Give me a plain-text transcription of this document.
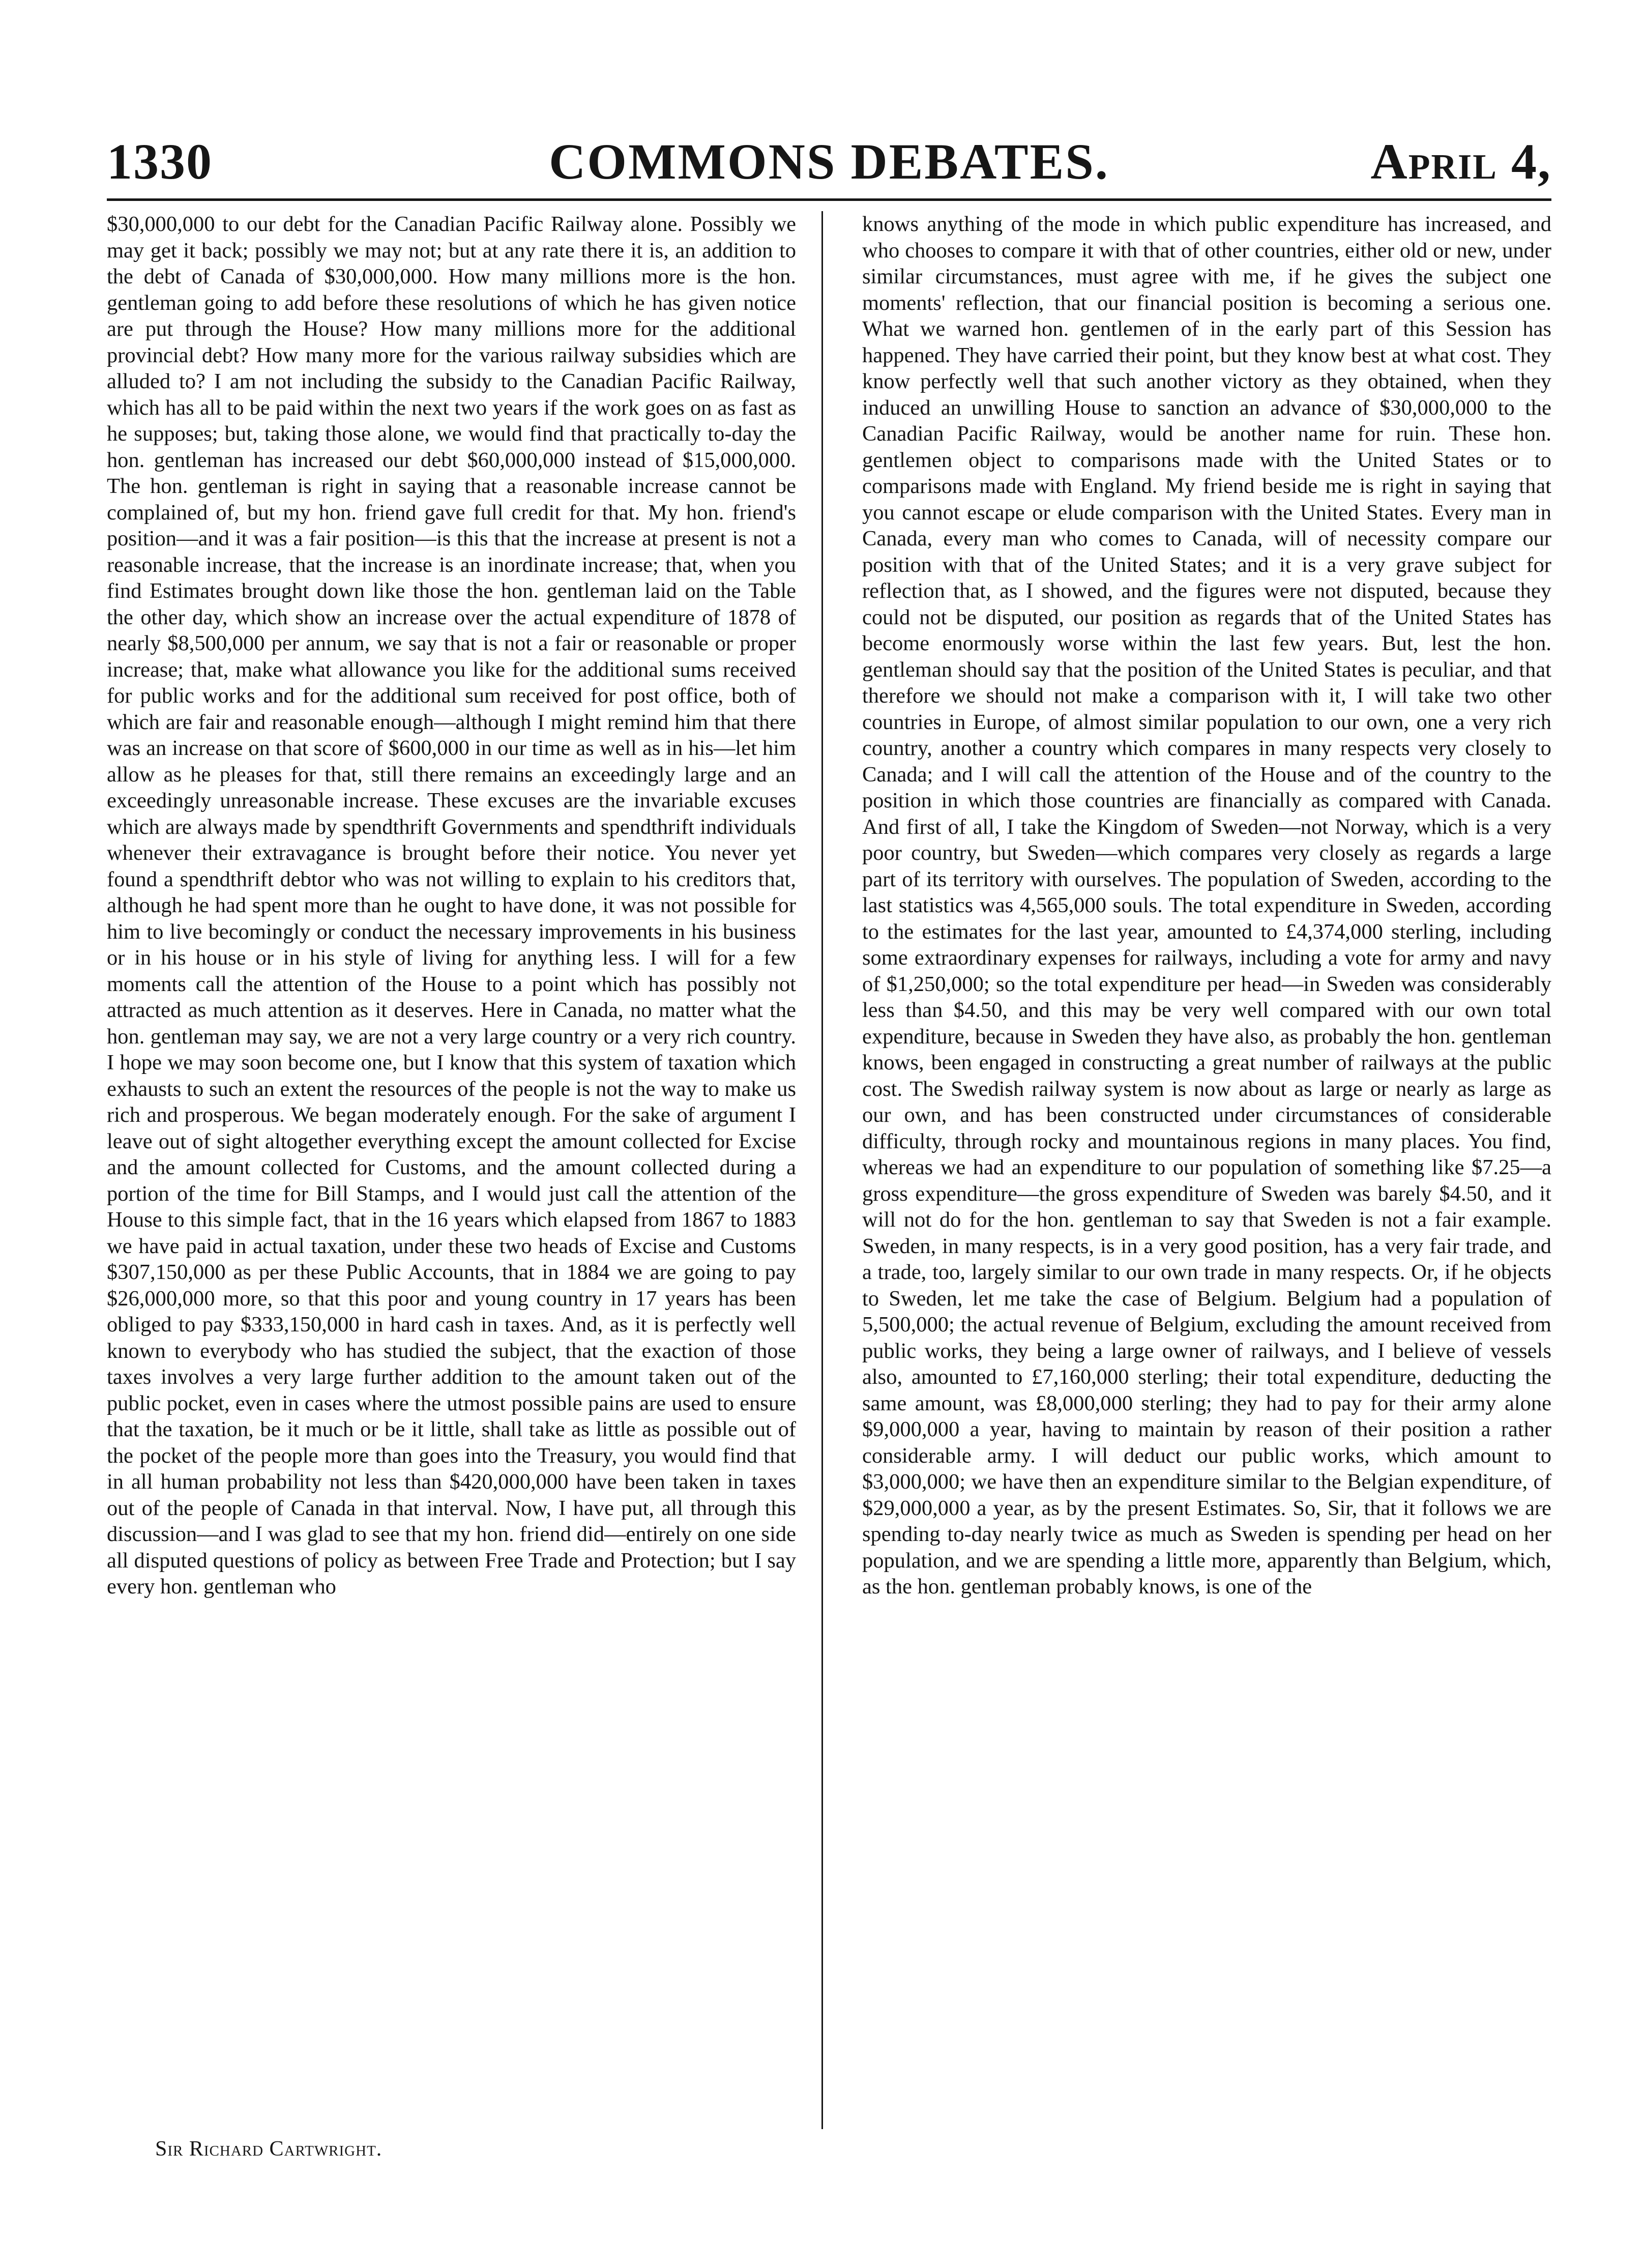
1330	COMMONS DEBATES.	April 4,

$30,000,000 to our debt for the Canadian Pacific Railway alone. Possibly we may get it back; possibly we may not; but at any rate there it is, an addition to the debt of Canada of $30,000,000. How many millions more is the hon. gentleman going to add before these resolutions of which he has given notice are put through the House? How many millions more for the additional provincial debt? How many more for the various railway subsidies which are alluded to? I am not including the subsidy to the Canadian Pacific Railway, which has all to be paid within the next two years if the work goes on as fast as he supposes; but, taking those alone, we would find that practically to-day the hon. gentleman has increased our debt $60,000,000 instead of $15,000,000. The hon. gentleman is right in saying that a reasonable increase cannot be complained of, but my hon. friend gave full credit for that. My hon. friend's position—and it was a fair position—is this that the increase at present is not a reasonable increase, that the increase is an inordinate increase; that, when you find Estimates brought down like those the hon. gentleman laid on the Table the other day, which show an increase over the actual expenditure of 1878 of nearly $8,500,000 per annum, we say that is not a fair or reasonable or proper increase; that, make what allowance you like for the additional sums received for public works and for the additional sum received for post office, both of which are fair and reasonable enough—although I might remind him that there was an increase on that score of $600,000 in our time as well as in his—let him allow as he pleases for that, still there remains an exceedingly large and an exceedingly unreasonable increase. These excuses are the invariable excuses which are always made by spendthrift Governments and spendthrift individuals whenever their extravagance is brought before their notice. You never yet found a spendthrift debtor who was not willing to explain to his creditors that, although he had spent more than he ought to have done, it was not possible for him to live becomingly or conduct the necessary improvements in his business or in his house or in his style of living for anything less. I will for a few moments call the attention of the House to a point which has possibly not attracted as much attention as it deserves. Here in Canada, no matter what the hon. gentleman may say, we are not a very large country or a very rich country. I hope we may soon become one, but I know that this system of taxation which exhausts to such an extent the resources of the people is not the way to make us rich and prosperous. We began moderately enough. For the sake of argument I leave out of sight altogether everything except the amount collected for Excise and the amount collected for Customs, and the amount collected during a portion of the time for Bill Stamps, and I would just call the attention of the House to this simple fact, that in the 16 years which elapsed from 1867 to 1883 we have paid in actual taxation, under these two heads of Excise and Customs $307,150,000 as per these Public Accounts, that in 1884 we are going to pay $26,000,000 more, so that this poor and young country in 17 years has been obliged to pay $333,150,000 in hard cash in taxes. And, as it is perfectly well known to everybody who has studied the subject, that the exaction of those taxes involves a very large further addition to the amount taken out of the public pocket, even in cases where the utmost possible pains are used to ensure that the taxation, be it much or be it little, shall take as little as possible out of the pocket of the people more than goes into the Treasury, you would find that in all human probability not less than $420,000,000 have been taken in taxes out of the people of Canada in that interval. Now, I have put, all through this discussion—and I was glad to see that my hon. friend did—entirely on one side all disputed questions of policy as between Free Trade and Protection; but I say every hon. gentleman who

knows anything of the mode in which public expenditure has increased, and who chooses to compare it with that of other countries, either old or new, under similar circumstances, must agree with me, if he gives the subject one moments' reflection, that our financial position is becoming a serious one. What we warned hon. gentlemen of in the early part of this Session has happened. They have carried their point, but they know best at what cost. They know perfectly well that such another victory as they obtained, when they induced an unwilling House to sanction an advance of $30,000,000 to the Canadian Pacific Railway, would be another name for ruin. These hon. gentlemen object to comparisons made with the United States or to comparisons made with England. My friend beside me is right in saying that you cannot escape or elude comparison with the United States. Every man in Canada, every man who comes to Canada, will of necessity compare our position with that of the United States; and it is a very grave subject for reflection that, as I showed, and the figures were not disputed, because they could not be disputed, our position as regards that of the United States has become enormously worse within the last few years. But, lest the hon. gentleman should say that the position of the United States is peculiar, and that therefore we should not make a comparison with it, I will take two other countries in Europe, of almost similar population to our own, one a very rich country, another a country which compares in many respects very closely to Canada; and I will call the attention of the House and of the country to the position in which those countries are financially as compared with Canada. And first of all, I take the Kingdom of Sweden—not Norway, which is a very poor country, but Sweden—which compares very closely as regards a large part of its territory with ourselves. The population of Sweden, according to the last statistics was 4,565,000 souls. The total expenditure in Sweden, according to the estimates for the last year, amounted to £4,374,000 sterling, including some extraordinary expenses for railways, including a vote for army and navy of $1,250,000; so the total expenditure per head—in Sweden was considerably less than $4.50, and this may be very well compared with our own total expenditure, because in Sweden they have also, as probably the hon. gentleman knows, been engaged in constructing a great number of railways at the public cost. The Swedish railway system is now about as large or nearly as large as our own, and has been constructed under circumstances of considerable difficulty, through rocky and mountainous regions in many places. You find, whereas we had an expenditure to our population of something like $7.25—a gross expenditure—the gross expenditure of Sweden was barely $4.50, and it will not do for the hon. gentleman to say that Sweden is not a fair example. Sweden, in many respects, is in a very good position, has a very fair trade, and a trade, too, largely similar to our own trade in many respects. Or, if he objects to Sweden, let me take the case of Belgium. Belgium had a population of 5,500,000; the actual revenue of Belgium, excluding the amount received from public works, they being a large owner of railways, and I believe of vessels also, amounted to £7,160,000 sterling; their total expenditure, deducting the same amount, was £8,000,000 sterling; they had to pay for their army alone $9,000,000 a year, having to maintain by reason of their position a rather considerable army. I will deduct our public works, which amount to $3,000,000; we have then an expenditure similar to the Belgian expenditure, of $29,000,000 a year, as by the present Estimates. So, Sir, that it follows we are spending to-day nearly twice as much as Sweden is spending per head on her population, and we are spending a little more, apparently than Belgium, which, as the hon. gentleman probably knows, is one of the

Sir Richard Cartwright.
